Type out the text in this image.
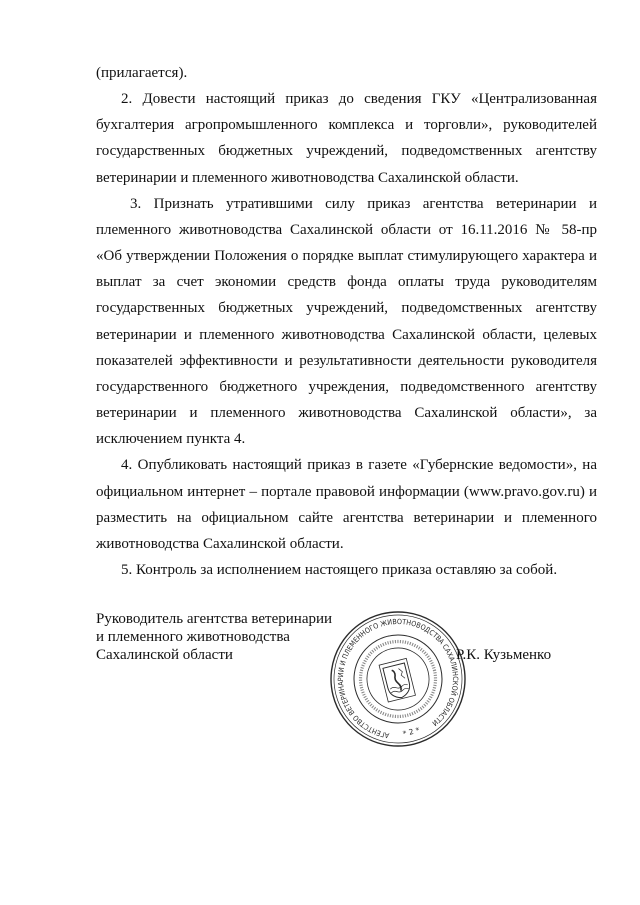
(прилагается).
2. Довести настоящий приказ до сведения ГКУ «Централизованная
бухгалтерия агропромышленного комплекса и торговли», руководителей
государственных бюджетных учреждений, подведомственных агентству
ветеринарии и племенного животноводства Сахалинской области.
3. Признать утратившими силу приказ агентства ветеринарии и
племенного животноводства Сахалинской области от 16.11.2016 № 58-пр
«Об утверждении Положения о порядке выплат стимулирующего характера и
выплат за счет экономии средств фонда оплаты труда руководителям
государственных бюджетных учреждений, подведомственных агентству
ветеринарии и племенного животноводства Сахалинской области, целевых
показателей эффективности и результативности деятельности руководителя
государственного бюджетного учреждения, подведомственного агентству
ветеринарии и племенного животноводства Сахалинской области», за
исключением пункта 4.
4. Опубликовать настоящий приказ в газете «Губернские ведомости», на
официальном интернет – портале правовой информации (www.pravo.gov.ru) и
разместить на официальном сайте агентства ветеринарии и племенного
животноводства Сахалинской области.
5. Контроль за исполнением настоящего приказа оставляю за собой.
Руководитель агентства ветеринарии
и племенного животноводства
Сахалинской области
АГЕНТСТВО ВЕТЕРИНАРИИ И ПЛЕМЕННОГО ЖИВОТНОВОДСТВА САХАЛИНСКОЙ ОБЛАСТИ
* 2 *
Р.К. Кузьменко
